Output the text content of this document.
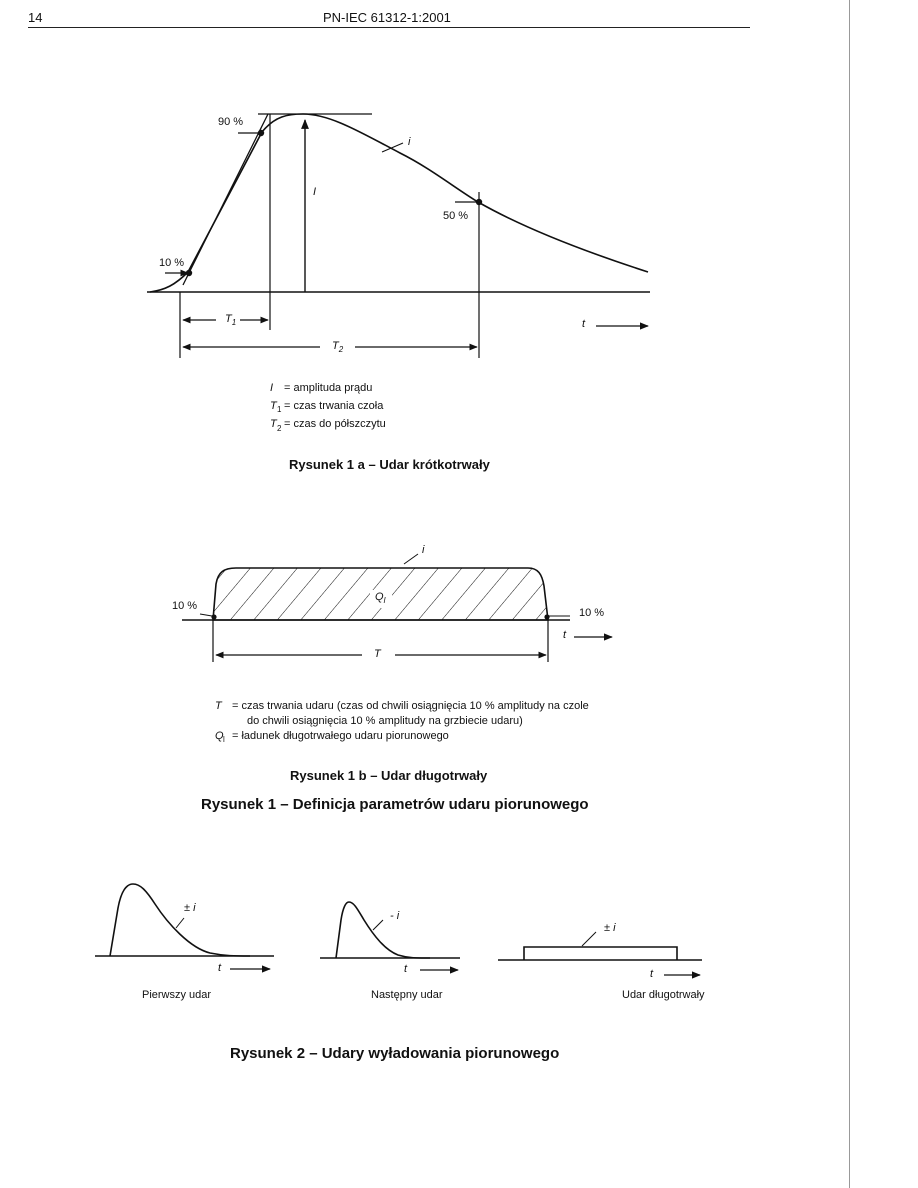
14	PN-IEC 61312-1:2001
90 %
50 %
10 %
i
I
$T_1$
$T_2$
t
I = amplituda prądu
$T_1$ = czas trwania czoła
$T_2$ = czas do półszczytu
Rysunek 1 a – Udar krótkotrwały
i
$Q_l$
10 %
10 %
t
T
T = czas trwania udaru (czas od chwili osiągnięcia 10 % amplitudy na czole
do chwili osiągnięcia 10 % amplitudy na grzbiecie udaru)
$Q_l$ = ładunek długotrwałego udaru piorunowego
Rysunek 1 b – Udar długotrwały
Rysunek 1 – Definicja parametrów udaru piorunowego
± i
t
Pierwszy udar
- i
t
Następny udar
± i
t
Udar długotrwały
Rysunek 2 – Udary wyładowania piorunowego
